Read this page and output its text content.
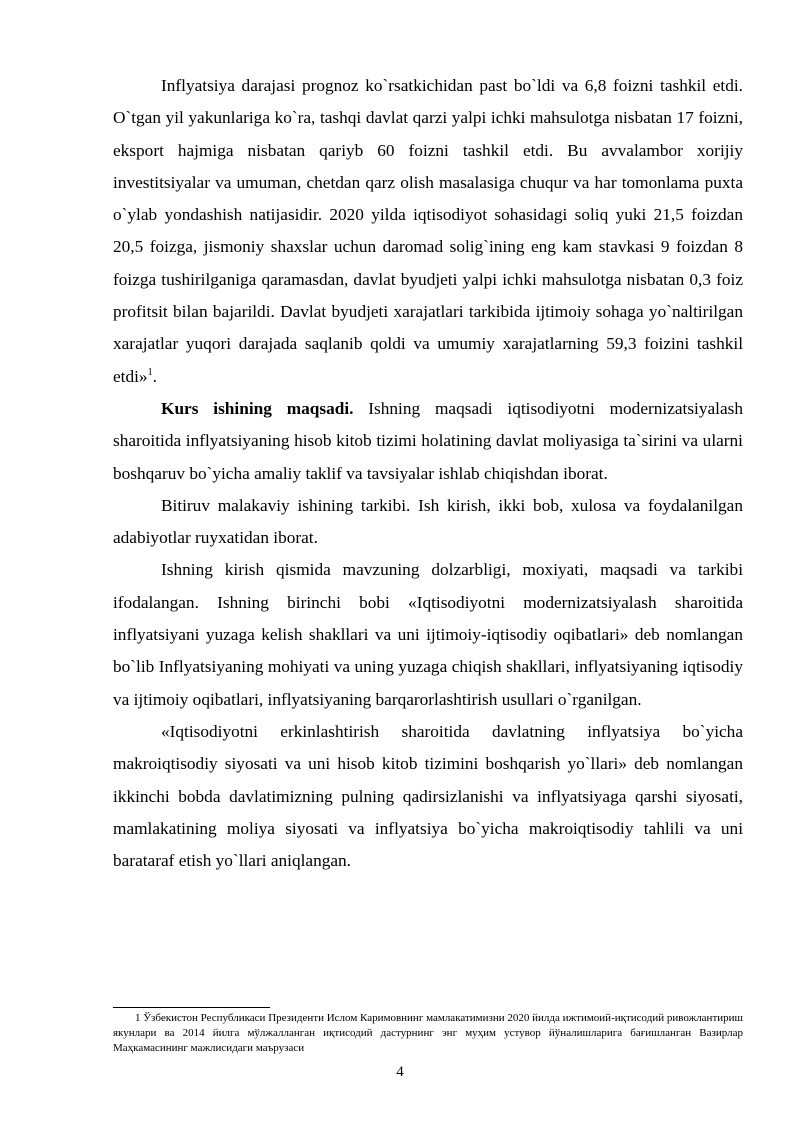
Inflyatsiya darajasi prognoz ko`rsatkichidan past bo`ldi va 6,8 foizni tashkil etdi. O`tgan yil yakunlariga ko`ra, tashqi davlat qarzi yalpi ichki mahsulotga nisbatan 17 foizni, eksport hajmiga nisbatan qariyb 60 foizni tashkil etdi. Bu avvalambor xorijiy investitsiyalar va umuman, chetdan qarz olish masalasiga chuqur va har tomonlama puxta o`ylab yondashish natijasidir. 2020 yilda iqtisodiyot sohasidagi soliq yuki 21,5 foizdan 20,5 foizga, jismoniy shaxslar uchun daromad solig`ining eng kam stavkasi 9 foizdan 8 foizga tushirilganiga qaramasdan, davlat byudjeti yalpi ichki mahsulotga nisbatan 0,3 foiz profitsit bilan bajarildi. Davlat byudjeti xarajatlari tarkibida ijtimoiy sohaga yo`naltirilgan xarajatlar yuqori darajada saqlanib qoldi va umumiy xarajatlarning 59,3 foizini tashkil etdi»$^1$.

Kurs ishining maqsadi. Ishning maqsadi iqtisodiyotni modernizatsiyalash sharoitida inflyatsiyaning hisob kitob tizimi holatining davlat moliyasiga ta`sirini va ularni boshqaruv bo`yicha amaliy taklif va tavsiyalar ishlab chiqishdan iborat.

Bitiruv malakaviy ishining tarkibi. Ish kirish, ikki bob, xulosa va foydalanilgan adabiyotlar ruyxatidan iborat.

Ishning kirish qismida mavzuning dolzarbligi, moxiyati, maqsadi va tarkibi ifodalangan. Ishning birinchi bobi «Iqtisodiyotni modernizatsiyalash sharoitida inflyatsiyani yuzaga kelish shakllari va uni ijtimoiy-iqtisodiy oqibatlari» deb nomlangan bo`lib Inflyatsiyaning mohiyati va uning yuzaga chiqish shakllari, inflyatsiyaning iqtisodiy va ijtimoiy oqibatlari, inflyatsiyaning barqarorlashtirish usullari o`rganilgan.

«Iqtisodiyotni erkinlashtirish sharoitida davlatning inflyatsiya bo`yicha makroiqtisodiy siyosati va uni hisob kitob tizimini boshqarish yo`llari» deb nomlangan ikkinchi bobda davlatimizning pulning qadirsizlanishi va inflyatsiyaga qarshi siyosati, mamlakatining moliya siyosati va inflyatsiya bo`yicha makroiqtisodiy tahlili va uni barataraf etish yo`llari aniqlangan.

1 Ўзбекистон Республикаси Президенти Ислом Каримовнинг мамлакатимизни 2020 йилда ижтимоий-иқтисодий ривожлантириш якунлари ва 2014 йилга мўлжалланган иқтисодий дастурнинг энг муҳим устувор йўналишларига бағишланган Вазирлар Маҳкамасининг мажлисидаги маърузаси

4
